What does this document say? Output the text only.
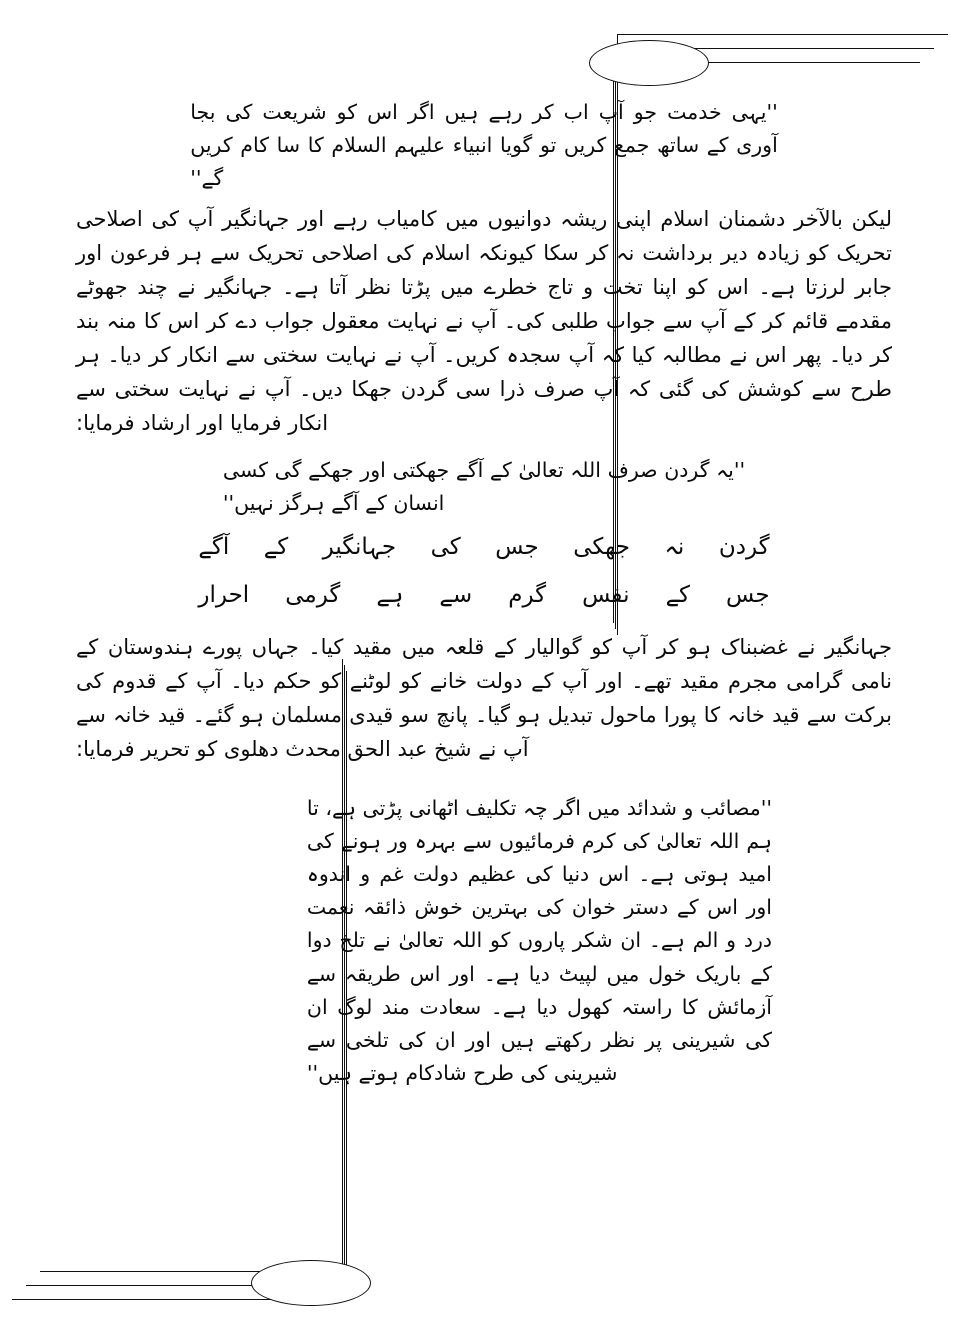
''یہی خدمت جو آپ اب کر رہے ہیں اگر اس کو شریعت کی بجا آوری کے ساتھ جمع کریں تو گویا انبیاء علیہم السلام کا سا کام کریں گے''
لیکن بالآخر دشمنان اسلام اپنی ریشہ دوانیوں میں کامیاب رہے اور جہانگیر آپ کی اصلاحی تحریک کو زیادہ دیر برداشت نہ کر سکا کیونکہ اسلام کی اصلاحی تحریک سے ہر فرعون اور جابر لرزتا ہے۔ اس کو اپنا تخت و تاج خطرے میں پڑتا نظر آتا ہے۔ جہانگیر نے چند جھوٹے مقدمے قائم کر کے آپ سے جواب طلبی کی۔ آپ نے نہایت معقول جواب دے کر اس کا منہ بند کر دیا۔ پھر اس نے مطالبہ کیا کہ آپ سجدہ کریں۔ آپ نے نہایت سختی سے انکار کر دیا۔ ہر طرح سے کوشش کی گئی کہ آپ صرف ذرا سی گردن جھکا دیں۔ آپ نے نہایت سختی سے انکار فرمایا اور ارشاد فرمایا:
''یہ گردن صرف اللہ تعالیٰ کے آگے جھکتی اور جھکے گی کسی انسان کے آگے ہرگز نہیں''
گردن نہ جھکی جس کی جہانگیر کے آگے
جس کے نفس گرم سے ہے گرمی احرار
جہانگیر نے غضبناک ہو کر آپ کو گوالیار کے قلعہ میں مقید کیا۔ جہاں پورے ہندوستان کے نامی گرامی مجرم مقید تھے۔ اور آپ کے دولت خانے کو لوٹنے کو حکم دیا۔ آپ کے قدوم کی برکت سے قید خانہ کا پورا ماحول تبدیل ہو گیا۔ پانچ سو قیدی مسلمان ہو گئے۔ قید خانہ سے آپ نے شیخ عبد الحق محدث دھلوی کو تحریر فرمایا:
''مصائب و شدائد میں اگر چہ تکلیف اٹھانی پڑتی ہے، تا ہم اللہ تعالیٰ کی کرم فرمائیوں سے بہرہ ور ہونے کی امید ہوتی ہے۔ اس دنیا کی عظیم دولت غم و اندوہ اور اس کے دستر خوان کی بہترین خوش ذائقہ نعمت درد و الم ہے۔ ان شکر پاروں کو اللہ تعالیٰ نے تلخ دوا کے باریک خول میں لپیٹ دیا ہے۔ اور اس طریقہ سے آزمائش کا راستہ کھول دیا ہے۔ سعادت مند لوگ ان کی شیرینی پر نظر رکھتے ہیں اور ان کی تلخی سے شیرینی کی طرح شادکام ہوتے ہیں''
